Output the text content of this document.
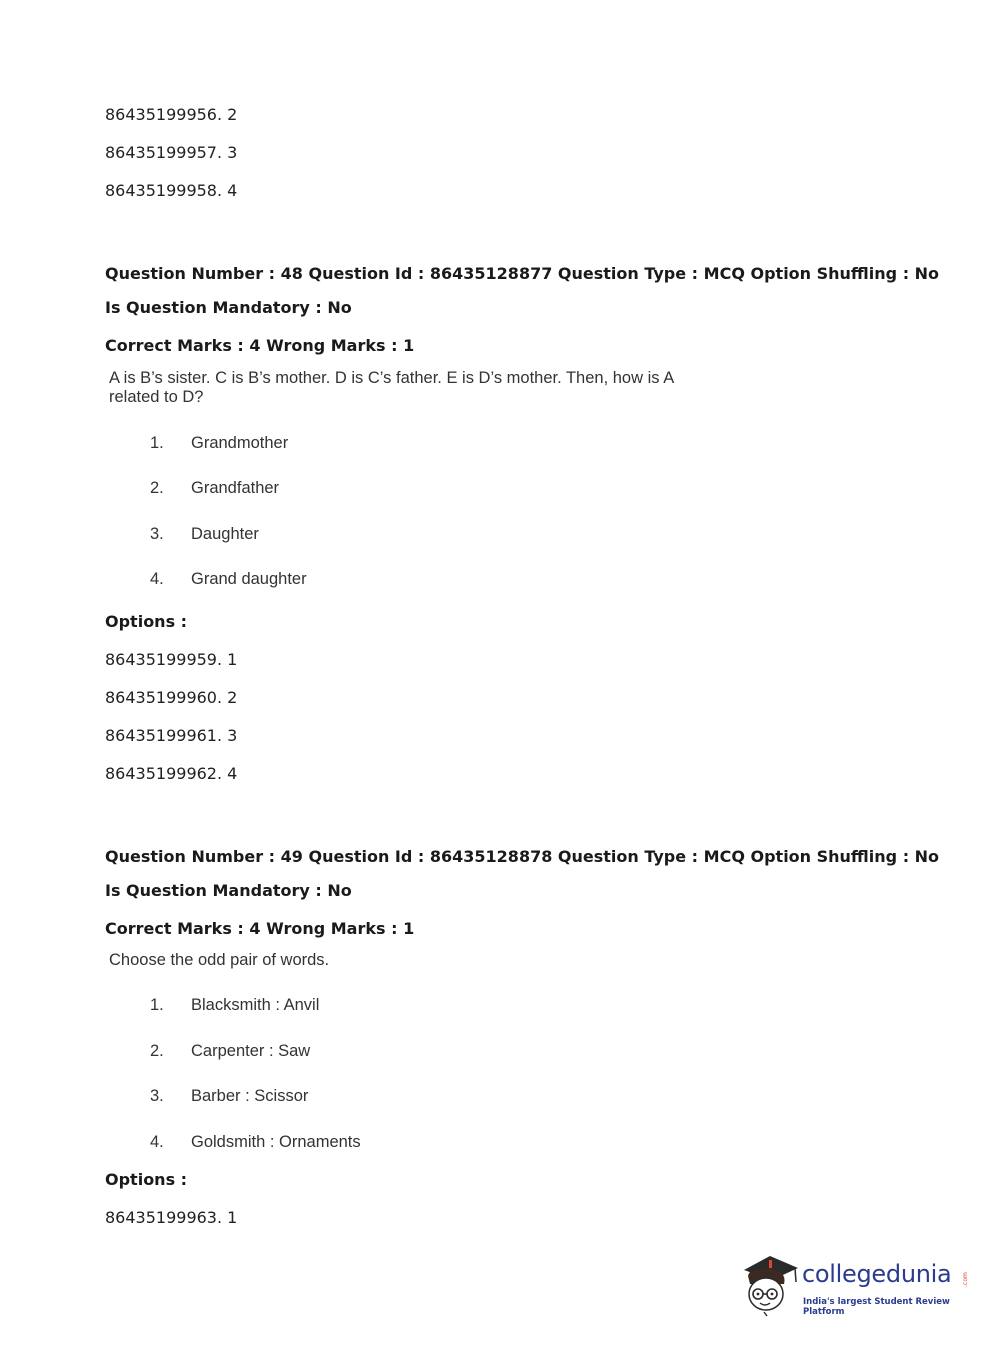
86435199956. 2
86435199957. 3
86435199958. 4
Question Number : 48 Question Id : 86435128877 Question Type : MCQ Option Shuffling : No
Is Question Mandatory : No
Correct Marks : 4 Wrong Marks : 1
A is B’s sister. C is B’s mother. D is C’s father. E is D’s mother. Then, how is A
related to D?
1. Grandmother
2. Grandfather
3. Daughter
4. Grand daughter
Options :
86435199959. 1
86435199960. 2
86435199961. 3
86435199962. 4
Question Number : 49 Question Id : 86435128878 Question Type : MCQ Option Shuffling : No
Is Question Mandatory : No
Correct Marks : 4 Wrong Marks : 1
Choose the odd pair of words.
1. Blacksmith : Anvil
2. Carpenter : Saw
3. Barber : Scissor
4. Goldsmith : Ornaments
Options :
86435199963. 1
collegedunia .com
India's largest Student Review Platform
